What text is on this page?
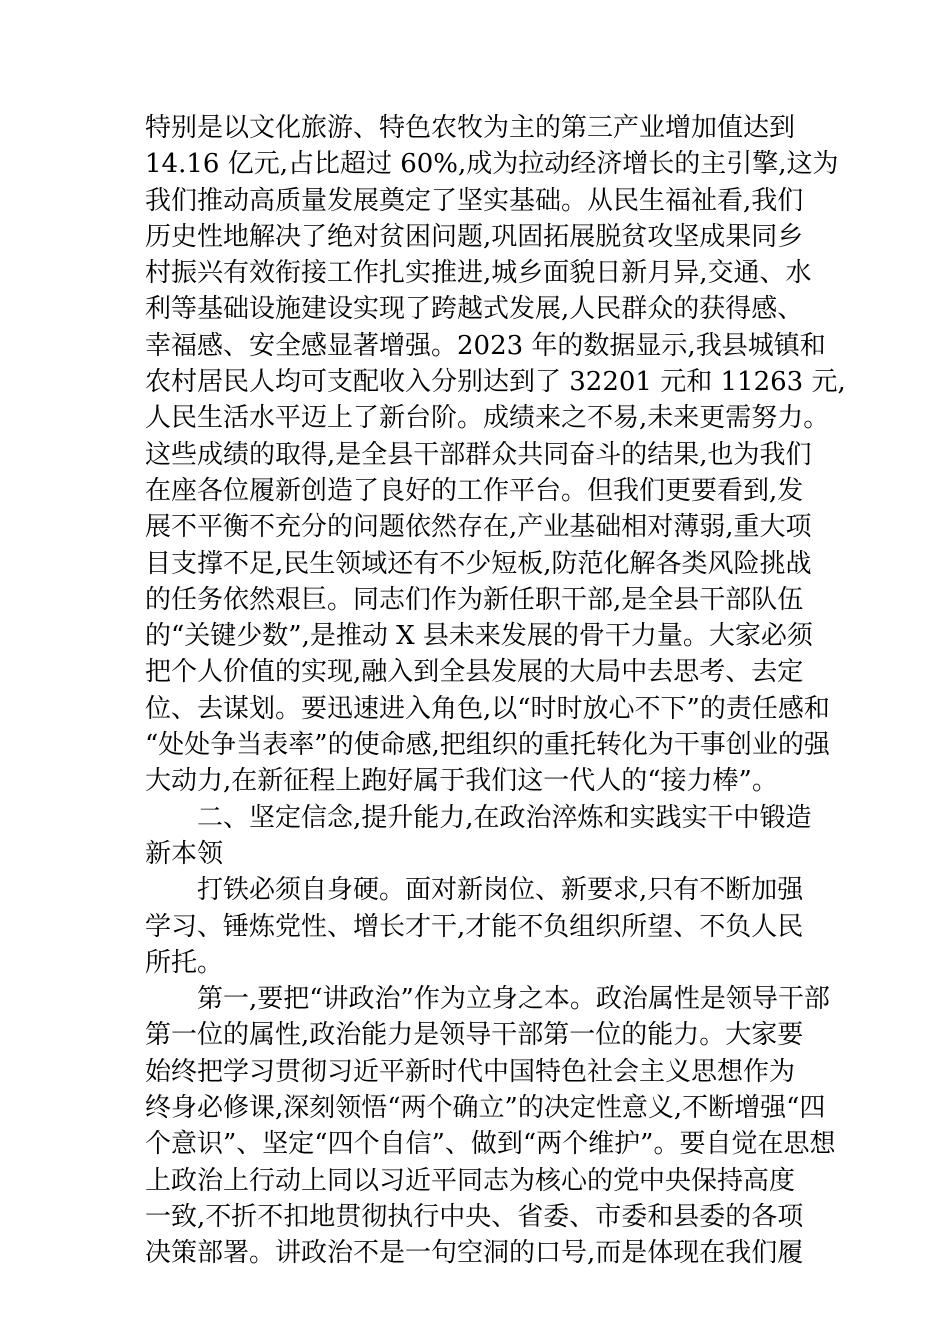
特别是以文化旅游、特色农牧为主的第三产业增加值达到
14.16 亿元,占比超过 60%,成为拉动经济增长的主引擎,这为
我们推动高质量发展奠定了坚实基础。从民生福祉看,我们
历史性地解决了绝对贫困问题,巩固拓展脱贫攻坚成果同乡
村振兴有效衔接工作扎实推进,城乡面貌日新月异,交通、水
利等基础设施建设实现了跨越式发展,人民群众的获得感、
幸福感、安全感显著增强。2023 年的数据显示,我县城镇和
农村居民人均可支配收入分别达到了 32201 元和 11263 元,
人民生活水平迈上了新台阶。成绩来之不易,未来更需努力。
这些成绩的取得,是全县干部群众共同奋斗的结果,也为我们
在座各位履新创造了良好的工作平台。但我们更要看到,发
展不平衡不充分的问题依然存在,产业基础相对薄弱,重大项
目支撑不足,民生领域还有不少短板,防范化解各类风险挑战
的任务依然艰巨。同志们作为新任职干部,是全县干部队伍
的“关键少数”,是推动 X 县未来发展的骨干力量。大家必须
把个人价值的实现,融入到全县发展的大局中去思考、去定
位、去谋划。要迅速进入角色,以“时时放心不下”的责任感和
“处处争当表率”的使命感,把组织的重托转化为干事创业的强
大动力,在新征程上跑好属于我们这一代人的“接力棒”。
二、坚定信念,提升能力,在政治淬炼和实践实干中锻造
新本领
打铁必须自身硬。面对新岗位、新要求,只有不断加强
学习、锤炼党性、增长才干,才能不负组织所望、不负人民
所托。
第一,要把“讲政治”作为立身之本。政治属性是领导干部
第一位的属性,政治能力是领导干部第一位的能力。大家要
始终把学习贯彻习近平新时代中国特色社会主义思想作为
终身必修课,深刻领悟“两个确立”的决定性意义,不断增强“四
个意识”、坚定“四个自信”、做到“两个维护”。要自觉在思想
上政治上行动上同以习近平同志为核心的党中央保持高度
一致,不折不扣地贯彻执行中央、省委、市委和县委的各项
决策部署。讲政治不是一句空洞的口号,而是体现在我们履
